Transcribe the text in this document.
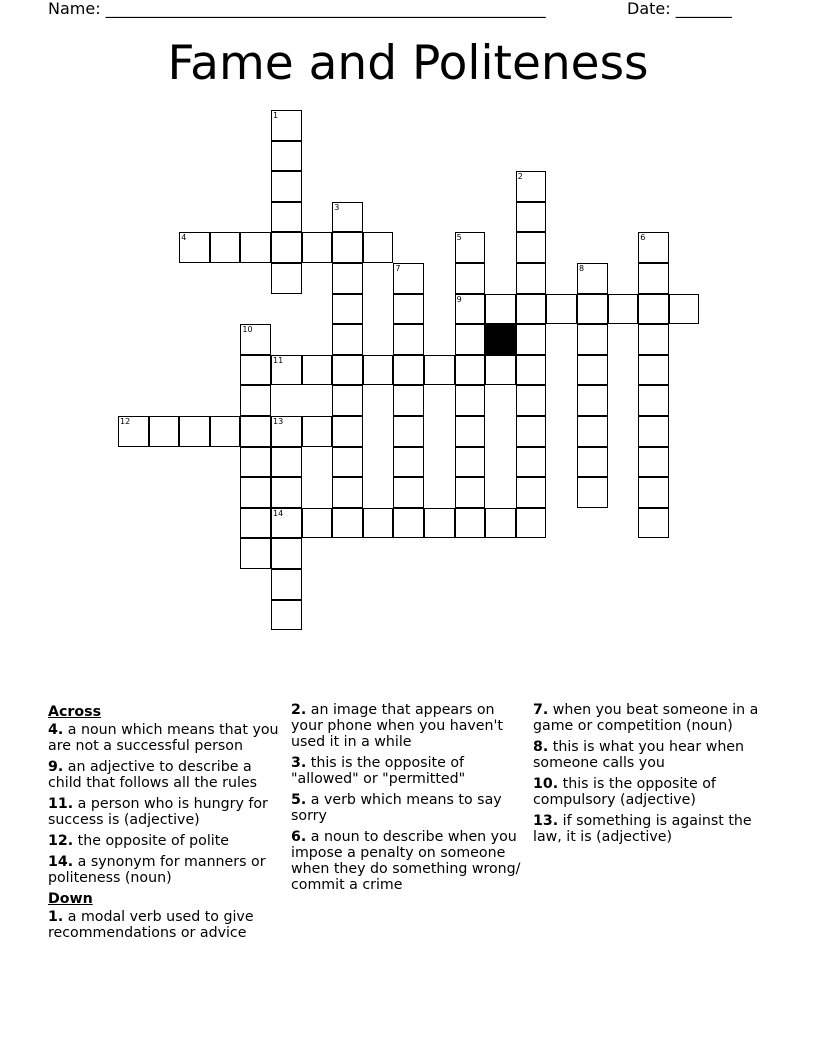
Name: _______________________________________________________	Date: _______
Fame and Politeness
1
2
3
4	5
9
6
7	8
10
11
12	13
14
Across
4. a noun which means that you are not a successful person
9. an adjective to describe a child that follows all the rules
11. a person who is hungry for success is (adjective)
12. the opposite of polite
14. a synonym for manners or politeness (noun)
Down
1. a modal verb used to give recommendations or advice
2. an image that appears on your phone when you haven't used it in a while
3. this is the opposite of "allowed" or "permitted"
5. a verb which means to say sorry
6. a noun to describe when you impose a penalty on someone when they do something wrong/ commit a crime
7. when you beat someone in a game or competition (noun)
8. this is what you hear when someone calls you
10. this is the opposite of compulsory (adjective)
13. if something is against the law, it is (adjective)
